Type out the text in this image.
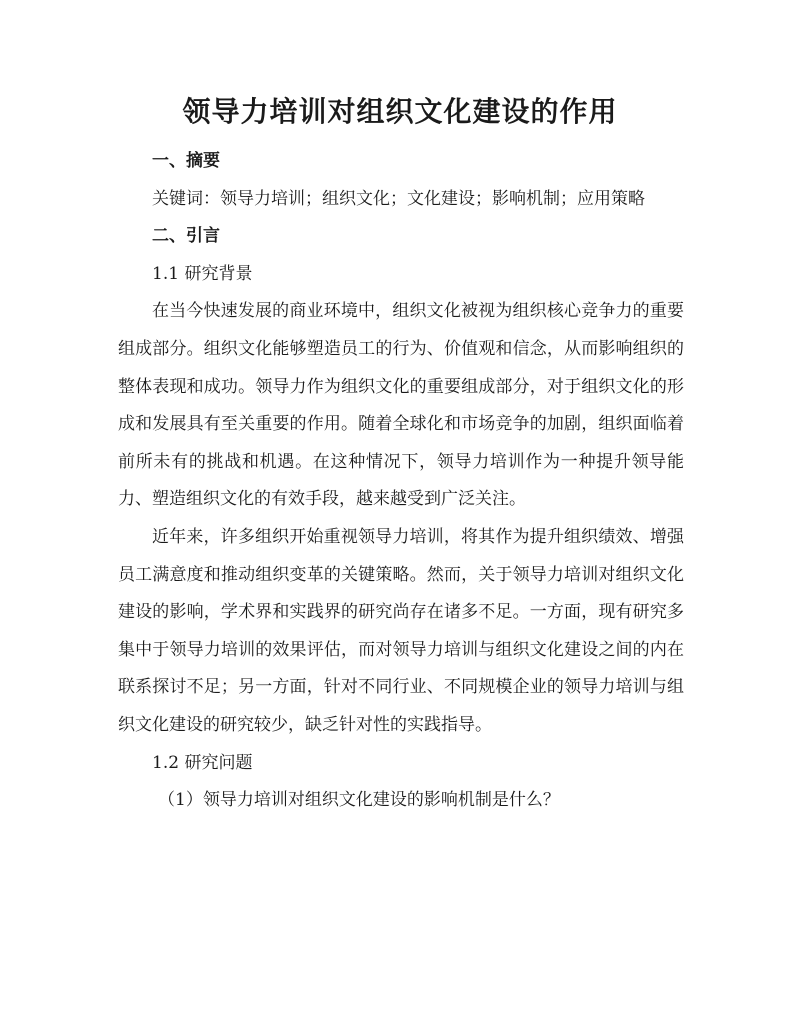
领导力培训对组织文化建设的作用
一、摘要

关键词：领导力培训；组织文化；文化建设；影响机制；应用策略

二、引言

1.1 研究背景

在当今快速发展的商业环境中，组织文化被视为组织核心竞争力的重要组成部分。组织文化能够塑造员工的行为、价值观和信念，从而影响组织的整体表现和成功。领导力作为组织文化的重要组成部分，对于组织文化的形成和发展具有至关重要的作用。随着全球化和市场竞争的加剧，组织面临着前所未有的挑战和机遇。在这种情况下，领导力培训作为一种提升领导能力、塑造组织文化的有效手段，越来越受到广泛关注。

近年来，许多组织开始重视领导力培训，将其作为提升组织绩效、增强员工满意度和推动组织变革的关键策略。然而，关于领导力培训对组织文化建设的影响，学术界和实践界的研究尚存在诸多不足。一方面，现有研究多集中于领导力培训的效果评估，而对领导力培训与组织文化建设之间的内在联系探讨不足；另一方面，针对不同行业、不同规模企业的领导力培训与组织文化建设的研究较少，缺乏针对性的实践指导。

1.2 研究问题

（1）领导力培训对组织文化建设的影响机制是什么？
